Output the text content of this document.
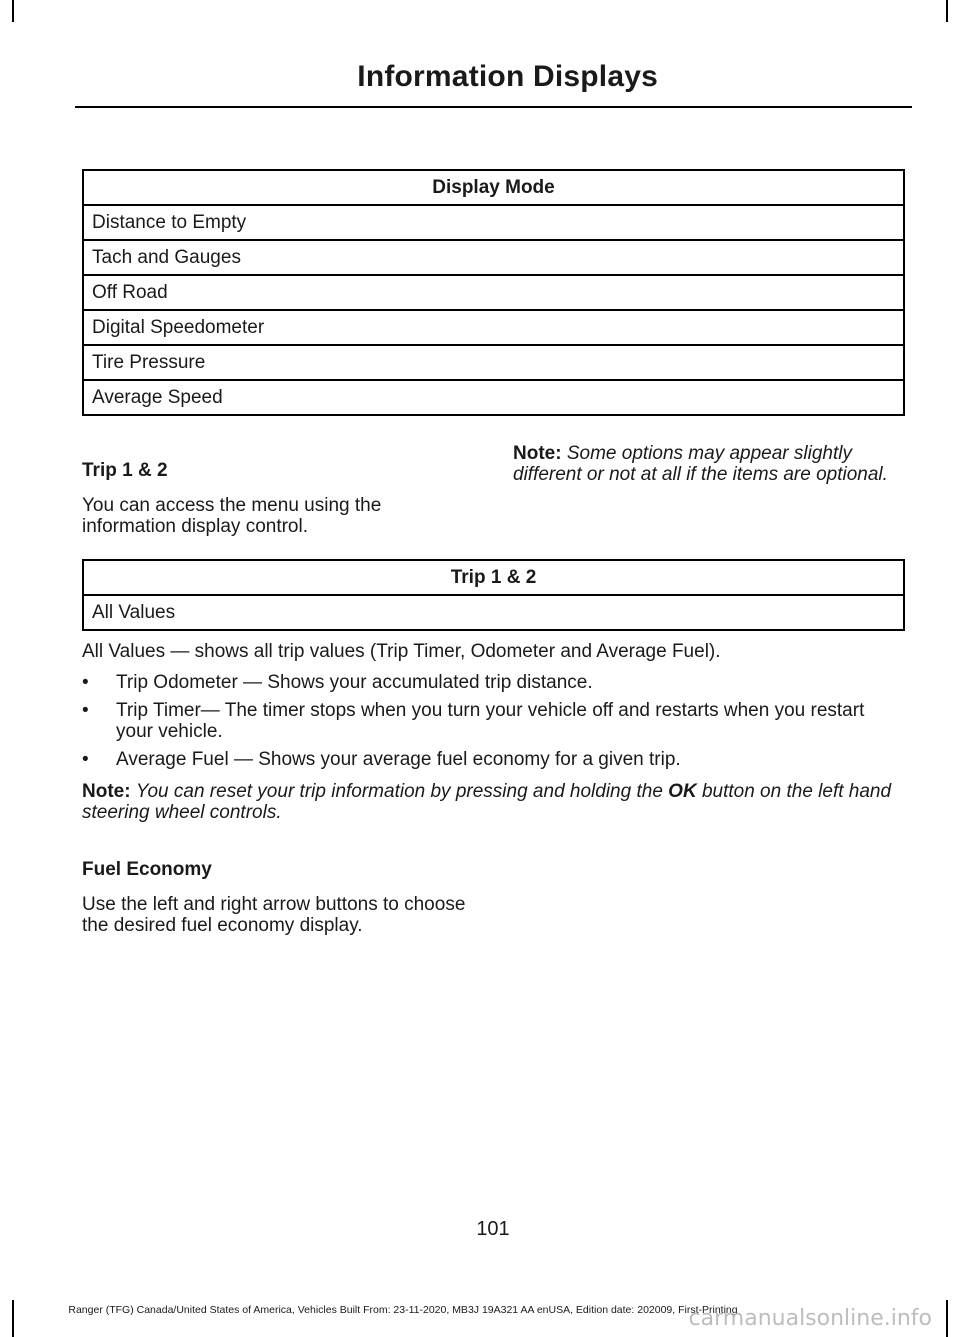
Information Displays
Display Mode
Distance to Empty
Tach and Gauges
Off Road
Digital Speedometer
Tire Pressure
Average Speed
Trip 1 & 2
You can access the menu using the information display control.
Note: Some options may appear slightly different or not at all if the items are optional.
Trip 1 & 2
All Values
All Values — shows all trip values (Trip Timer, Odometer and Average Fuel).
• Trip Odometer — Shows your accumulated trip distance.
• Trip Timer— The timer stops when you turn your vehicle off and restarts when you restart your vehicle.
• Average Fuel — Shows your average fuel economy for a given trip.
Note: You can reset your trip information by pressing and holding the OK button on the left hand steering wheel controls.
Fuel Economy
Use the left and right arrow buttons to choose the desired fuel economy display.
101
Ranger (TFG) Canada/United States of America, Vehicles Built From: 23-11-2020, MB3J 19A321 AA enUSA, Edition date: 202009, First-Printing
carmanualsonline.info
